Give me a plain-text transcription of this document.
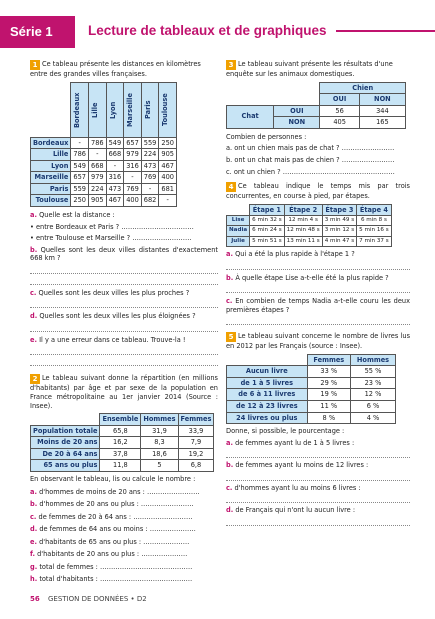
Série 1	Lecture de tableaux et de graphiques

1 Ce tableau présente les distances en kilomètres entre des grandes villes françaises.

	Bordeaux	Lille	Lyon	Marseille	Paris	Toulouse

Bordeaux	-	786	549	657	559	250
Lille	786	-	668	979	224	905
Lyon	549	668	-	316	473	467
Marseille	657	979	316	-	769	400
Paris	559	224	473	769	-	681
Toulouse	250	905	467	400	682	-

a. Quelle est la distance :

• entre Bordeaux et Paris ? ……………………………

• entre Toulouse et Marseille ? ………………………

b. Quelles sont les deux villes distantes d'exactement 668 km ?

c. Quelles sont les deux villes les plus proches ?

d. Quelles sont les deux villes les plus éloignées ?

e. Il y a une erreur dans ce tableau. Trouve-la !

2 Le tableau suivant donne la répartition (en millions d'habitants) par âge et par sexe de la population en France métropolitaine au 1er janvier 2014 (Source : Insee).

	Ensemble	Hommes	Femmes
Population totale	65,8	31,9	33,9
Moins de 20 ans	16,2	8,3	7,9
De 20 à 64 ans	37,8	18,6	19,2
65 ans ou plus	11,8	5	6,8

En observant le tableau, lis ou calcule le nombre :

a. d'hommes de moins de 20 ans : ……………………

b. d'hommes de 20 ans ou plus : ……………………

c. de femmes de 20 à 64 ans : ………………………

d. de femmes de 64 ans ou moins : …………………

e. d'habitants de 65 ans ou plus : …………………

f. d'habitants de 20 ans ou plus : …………………

g. total de femmes : ……………………………………

h. total d'habitants : ……………………………………

3 Le tableau suivant présente les résultats d'une enquête sur les animaux domestiques.

		Chien	
		OUI	NON
Chat	OUI	56	344
	NON	405	165

Combien de personnes :

a. ont un chien mais pas de chat ? ……………………

b. ont un chat mais pas de chien ? ……………………

c. ont un chien ? ……………………………………………

4 Ce tableau indique le temps mis par trois concurrentes, en course à pied, par étapes.

	Étape 1	Étape 2	Étape 3	Étape 4
Lise	6 min 32 s	12 min 4 s	3 min 49 s	6 min 8 s
Nadia	6 min 24 s	12 min 48 s	3 min 12 s	5 min 16 s
Julie	5 min 51 s	13 min 11 s	4 min 47 s	7 min 37 s

a. Qui a été la plus rapide à l'étape 1 ?

b. À quelle étape Lise a-t-elle été la plus rapide ?

c. En combien de temps Nadia a-t-elle couru les deux premières étapes ?

5 Le tableau suivant concerne le nombre de livres lus en 2012 par les Français (source : Insee).

	Femmes	Hommes
Aucun livre	33 %	55 %
de 1 à 5 livres	29 %	23 %
de 6 à 11 livres	19 %	12 %
de 12 à 23 livres	11 %	6 %
24 livres ou plus	8 %	4 %

Donne, si possible, le pourcentage :

a. de femmes ayant lu de 1 à 5 livres :

b. de femmes ayant lu moins de 12 livres :

c. d'hommes ayant lu au moins 6 livres :

d. de Français qui n'ont lu aucun livre :

56 GESTION DE DONNÉES • D2
